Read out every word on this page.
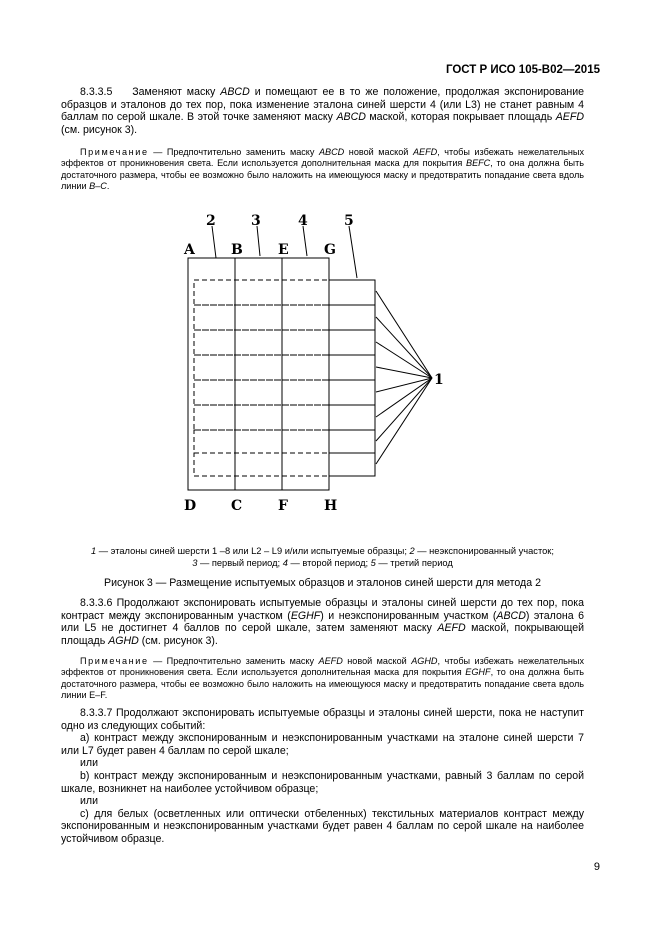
ГОСТ Р ИСО 105-B02—2015
8.3.3.5 Заменяют маску ABCD и помещают ее в то же положение, продолжая экспонирование образцов и эталонов до тех пор, пока изменение эталона синей шерсти 4 (или L3) не станет равным 4 баллам по серой шкале. В этой точке заменяют маску ABCD маской, которая покрывает площадь AEFD (см. рисунок 3).
Примечание — Предпочтительно заменить маску ABCD новой маской AEFD, чтобы избежать нежелательных эффектов от проникновения света. Если используется дополнительная маска для покрытия BEFC, то она должна быть достаточного размера, чтобы ее возможно было наложить на имеющуюся маску и предотвратить попадание света вдоль линии B–C.
2	3	4	5
1
A	B	E	G
D C	F	H
1 — эталоны синей шерсти 1 –8 или L2 – L9 и/или испытуемые образцы; 2 — неэкспонированный участок;
3 — первый период; 4 — второй период; 5 — третий период
Рисунок 3 — Размещение испытуемых образцов и эталонов синей шерсти для метода 2
8.3.3.6 Продолжают экспонировать испытуемые образцы и эталоны синей шерсти до тех пор, пока контраст между экспонированным участком (EGHF) и неэкспонированным участком (ABCD) эталона 6 или L5 не достигнет 4 баллов по серой шкале, затем заменяют маску AEFD маской, покрывающей площадь AGHD (см. рисунок 3).
Примечание — Предпочтительно заменить маску AEFD новой маской AGHD, чтобы избежать нежелательных эффектов от проникновения света. Если используется дополнительная маска для покрытия EGHF, то она должна быть достаточного размера, чтобы ее возможно было наложить на имеющуюся маску и предотвратить попадание света вдоль линии E–F.
8.3.3.7 Продолжают экспонировать испытуемые образцы и эталоны синей шерсти, пока не наступит одно из следующих событий:
а) контраст между экспонированным и неэкспонированным участками на эталоне синей шерсти 7 или L7 будет равен 4 баллам по серой шкале;
или
b) контраст между экспонированным и неэкспонированным участками, равный 3 баллам по серой шкале, возникнет на наиболее устойчивом образце;
или
c) для белых (осветленных или оптически отбеленных) текстильных материалов контраст между экспонированным и неэкспонированным участками будет равен 4 баллам по серой шкале на наиболее устойчивом образце.
9
